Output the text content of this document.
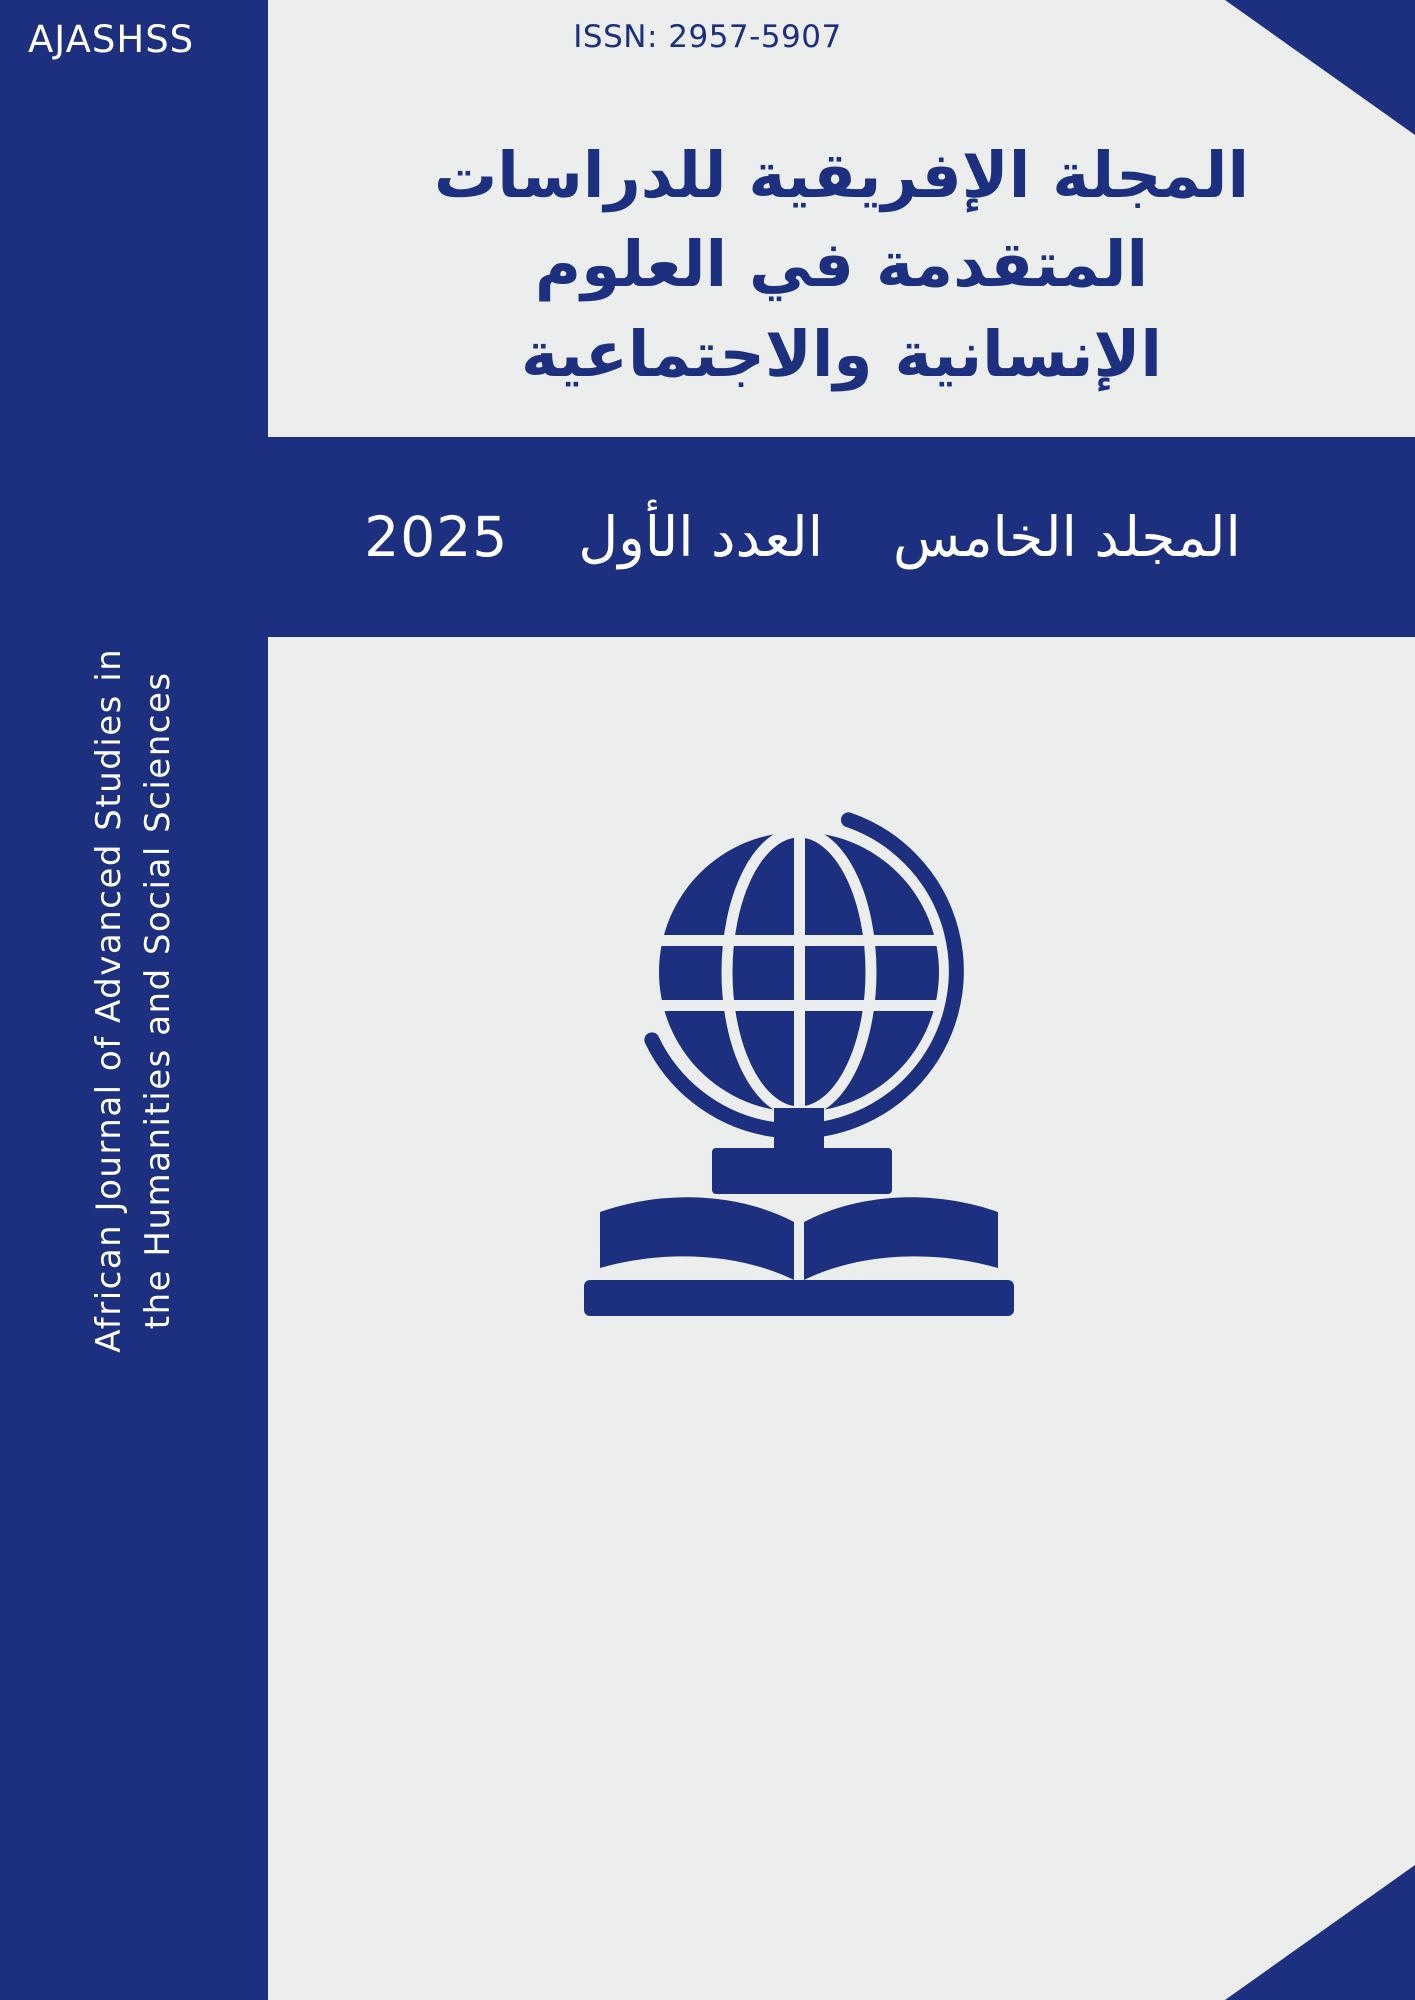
AJASHSS
African Journal of Advanced Studies in the Humanities and Social Sciences
ISSN: 2957-5907
المجلة الإفريقية للدراسات المتقدمة في العلوم الإنسانية والاجتماعية
المجلد الخامس
العدد الأول
2025
